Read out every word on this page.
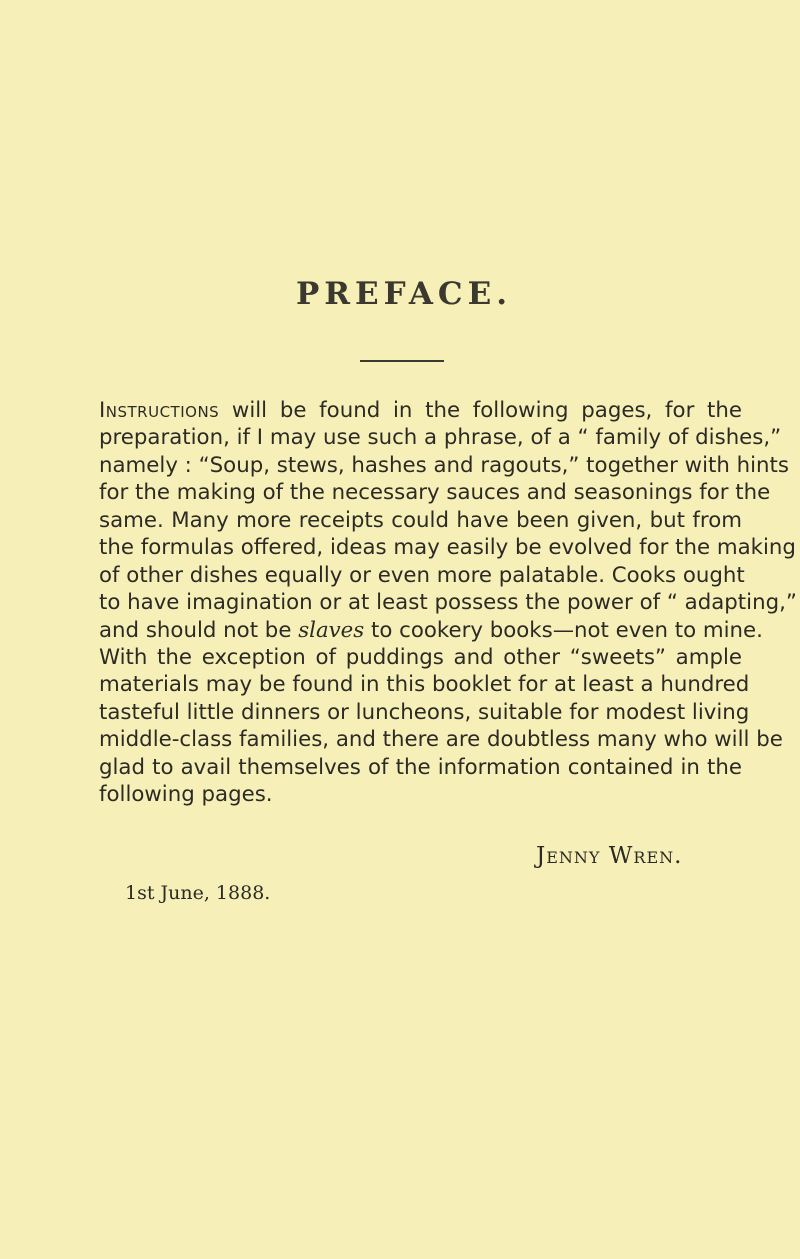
PREFACE.
Instructions will be found in the following pages, for the
preparation, if I may use such a phrase, of a “ family of dishes,”
namely : “Soup, stews, hashes and ragouts,” together with hints
for the making of the necessary sauces and seasonings for the
same. Many more receipts could have been given, but from
the formulas offered, ideas may easily be evolved for the making
of other dishes equally or even more palatable. Cooks ought
to have imagination or at least possess the power of “ adapting,”
and should not be slaves to cookery books—not even to mine.
With the exception of puddings and other “sweets” ample
materials may be found in this booklet for at least a hundred
tasteful little dinners or luncheons, suitable for modest living
middle-class families, and there are doubtless many who will be
glad to avail themselves of the information contained in the
following pages.

Jenny Wren.

1st June, 1888.
